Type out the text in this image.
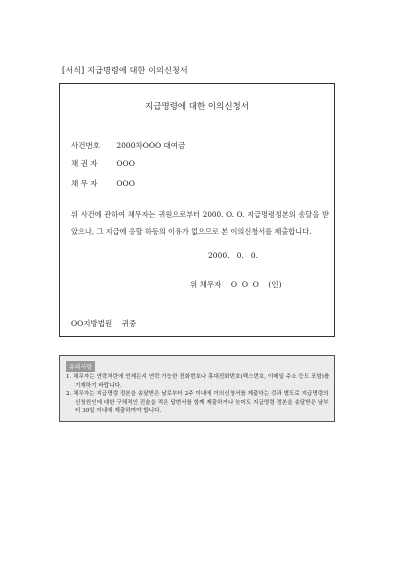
[서식] 지급명령에 대한 이의신청서
지급명령에 대한 이의신청서
사건번호 2000차OOO 대여금
채 권 자	OOO
채 무 자	OOO
위 사건에 관하여 채무자는 귀원으로부터 2000. O. O. 지급명령정본의 송달을 받았으나, 그 지급에 응할 하등의 이유가 없으므로 본 이의신청서를 제출합니다.
2000.   0.   0.
위 채무자    O  O  O    (인)
OO지방법원    귀중
유의사항
1. 채무자는 연락처란에 언제든지 연락 가능한 전화번호나 휴대전화번호(팩스번호, 이메일 주소 등도 포함)를 기재하기 바랍니다.
2. 채무자는 지급명령 정본을 송달받은 날로부터 2주 이내에 이의신청서를 제출하는 것과 별도로 지급명령의 신청원인에 대한 구체적인 진술을 적은 답변서를 함께 제출하거나 늦어도 지급명령 정본을 송달받은 날부터 30일 이내에 제출하여야 합니다.
